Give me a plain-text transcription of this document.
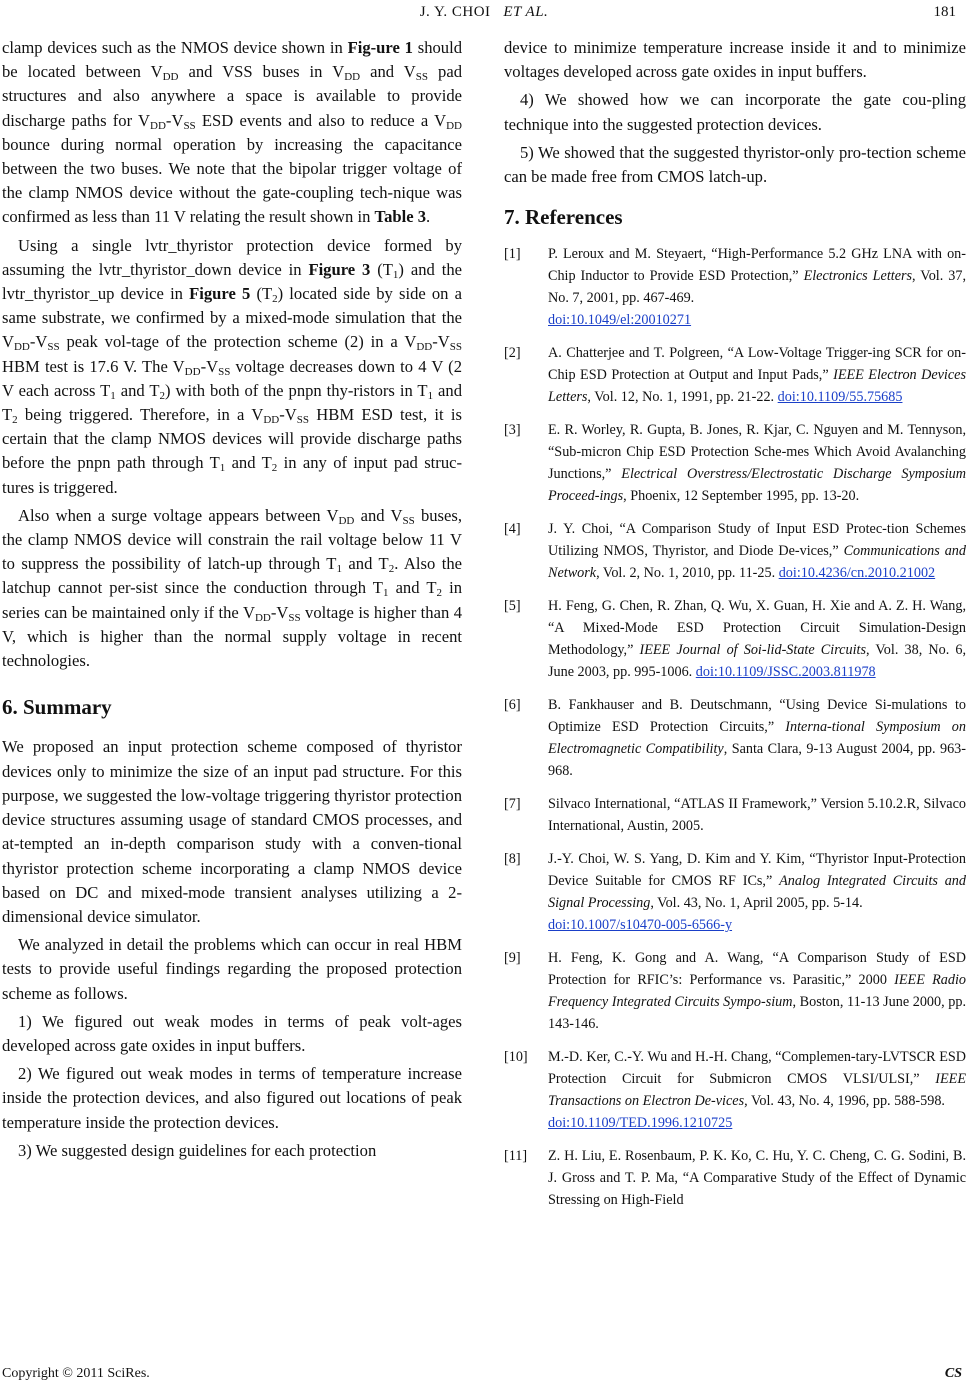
J. Y. CHOI ET AL.	181

clamp devices such as the NMOS device shown in Fig-ure 1 should be located between $V_{DD}$ and VSS buses in $V_{DD}$ and $V_{SS}$ pad structures and also anywhere a space is available to provide discharge paths for $V_{DD}-V_{SS}$ ESD events and also to reduce a $V_{DD}$ bounce during normal operation by increasing the capacitance between the two buses. We note that the bipolar trigger voltage of the clamp NMOS device without the gate-coupling tech-nique was confirmed as less than 11 V relating the result shown in Table 3.

Using a single lvtr_thyristor protection device formed by assuming the lvtr_thyristor_down device in Figure 3 $(T_1)$ and the lvtr_thyristor_up device in Figure 5 $(T_2)$ located side by side on a same substrate, we confirmed by a mixed-mode simulation that the $V_{DD}-V_{SS}$ peak vol-tage of the protection scheme (2) in a $V_{DD}-V_{SS}$ HBM test is 17.6 V. The $V_{DD}-V_{SS}$ voltage decreases down to 4 V (2 V each across $T_1$ and $T_2$) with both of the pnpn thy-ristors in $T_1$ and $T_2$ being triggered. Therefore, in a $V_{DD}-V_{SS}$ HBM ESD test, it is certain that the clamp NMOS devices will provide discharge paths before the pnpn path through $T_1$ and $T_2$ in any of input pad struc-tures is triggered.

Also when a surge voltage appears between $V_{DD}$ and $V_{SS}$ buses, the clamp NMOS device will constrain the rail voltage below 11 V to suppress the possibility of latch-up through $T_1$ and $T_2$. Also the latchup cannot per-sist since the conduction through $T_1$ and $T_2$ in series can be maintained only if the $V_{DD}-V_{SS}$ voltage is higher than 4 V, which is higher than the normal supply voltage in recent technologies.

6. Summary

We proposed an input protection scheme composed of thyristor devices only to minimize the size of an input pad structure. For this purpose, we suggested the low-voltage triggering thyristor protection device structures assuming usage of standard CMOS processes, and at-tempted an in-depth comparison study with a conven-tional thyristor protection scheme incorporating a clamp NMOS device based on DC and mixed-mode transient analyses utilizing a 2-dimensional device simulator.

We analyzed in detail the problems which can occur in real HBM tests to provide useful findings regarding the proposed protection scheme as follows.

1) We figured out weak modes in terms of peak volt-ages developed across gate oxides in input buffers.

2) We figured out weak modes in terms of temperature increase inside the protection devices, and also figured out locations of peak temperature inside the protection devices.

3) We suggested design guidelines for each protection

device to minimize temperature increase inside it and to minimize voltages developed across gate oxides in input buffers.

4) We showed how we can incorporate the gate cou-pling technique into the suggested protection devices.

5) We showed that the suggested thyristor-only pro-tection scheme can be made free from CMOS latch-up.

7. References

[1] P. Leroux and M. Steyaert, “High-Performance 5.2 GHz LNA with on-Chip Inductor to Provide ESD Protection,” Electronics Letters, Vol. 37, No. 7, 2001, pp. 467-469.
doi:10.1049/el:20010271

[2] A. Chatterjee and T. Polgreen, “A Low-Voltage Trigger-ing SCR for on-Chip ESD Protection at Output and Input Pads,” IEEE Electron Devices Letters, Vol. 12, No. 1, 1991, pp. 21-22. doi:10.1109/55.75685

[3] E. R. Worley, R. Gupta, B. Jones, R. Kjar, C. Nguyen and M. Tennyson, “Sub-micron Chip ESD Protection Sche-mes Which Avoid Avalanching Junctions,” Electrical Overstress/Electrostatic Discharge Symposium Proceed-ings, Phoenix, 12 September 1995, pp. 13-20.

[4] J. Y. Choi, “A Comparison Study of Input ESD Protec-tion Schemes Utilizing NMOS, Thyristor, and Diode De-vices,” Communications and Network, Vol. 2, No. 1, 2010, pp. 11-25. doi:10.4236/cn.2010.21002

[5] H. Feng, G. Chen, R. Zhan, Q. Wu, X. Guan, H. Xie and A. Z. H. Wang, “A Mixed-Mode ESD Protection Circuit Simulation-Design Methodology,” IEEE Journal of Soi-lid-State Circuits, Vol. 38, No. 6, June 2003, pp. 995-1006. doi:10.1109/JSSC.2003.811978

[6] B. Fankhauser and B. Deutschmann, “Using Device Si-mulations to Optimize ESD Protection Circuits,” Interna-tional Symposium on Electromagnetic Compatibility, Santa Clara, 9-13 August 2004, pp. 963-968.

[7] Silvaco International, “ATLAS II Framework,” Version 5.10.2.R, Silvaco International, Austin, 2005.

[8] J.-Y. Choi, W. S. Yang, D. Kim and Y. Kim, “Thyristor Input-Protection Device Suitable for CMOS RF ICs,” Analog Integrated Circuits and Signal Processing, Vol. 43, No. 1, April 2005, pp. 5-14.
doi:10.1007/s10470-005-6566-y

[9] H. Feng, K. Gong and A. Wang, “A Comparison Study of ESD Protection for RFIC’s: Performance vs. Parasitic,” 2000 IEEE Radio Frequency Integrated Circuits Sympo-sium, Boston, 11-13 June 2000, pp. 143-146.

[10] M.-D. Ker, C.-Y. Wu and H.-H. Chang, “Complemen-tary-LVTSCR ESD Protection Circuit for Submicron CMOS VLSI/ULSI,” IEEE Transactions on Electron De-vices, Vol. 43, No. 4, 1996, pp. 588-598.
doi:10.1109/TED.1996.1210725

[11] Z. H. Liu, E. Rosenbaum, P. K. Ko, C. Hu, Y. C. Cheng, C. G. Sodini, B. J. Gross and T. P. Ma, “A Comparative Study of the Effect of Dynamic Stressing on High-Field

Copyright © 2011 SciRes.	CS
